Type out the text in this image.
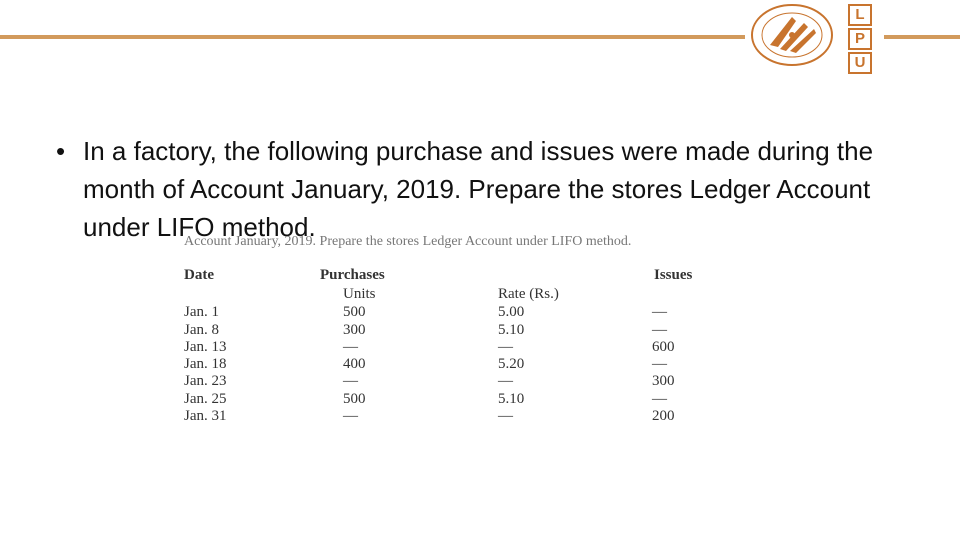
L
P
U
• In a factory, the following purchase and issues were made during the month of Account January, 2019. Prepare the stores Ledger Account under LIFO method.
Account January, 2019. Prepare the stores Ledger Account under LIFO method.
Date	Purchases	Issues
Units	Rate (Rs.)
Jan. 1	500	5.00	—
Jan. 8	300	5.10	—
Jan. 13	—	—	600
Jan. 18	400	5.20	—
Jan. 23	—	—	300
Jan. 25	500	5.10	—
Jan. 31	—	—	200
